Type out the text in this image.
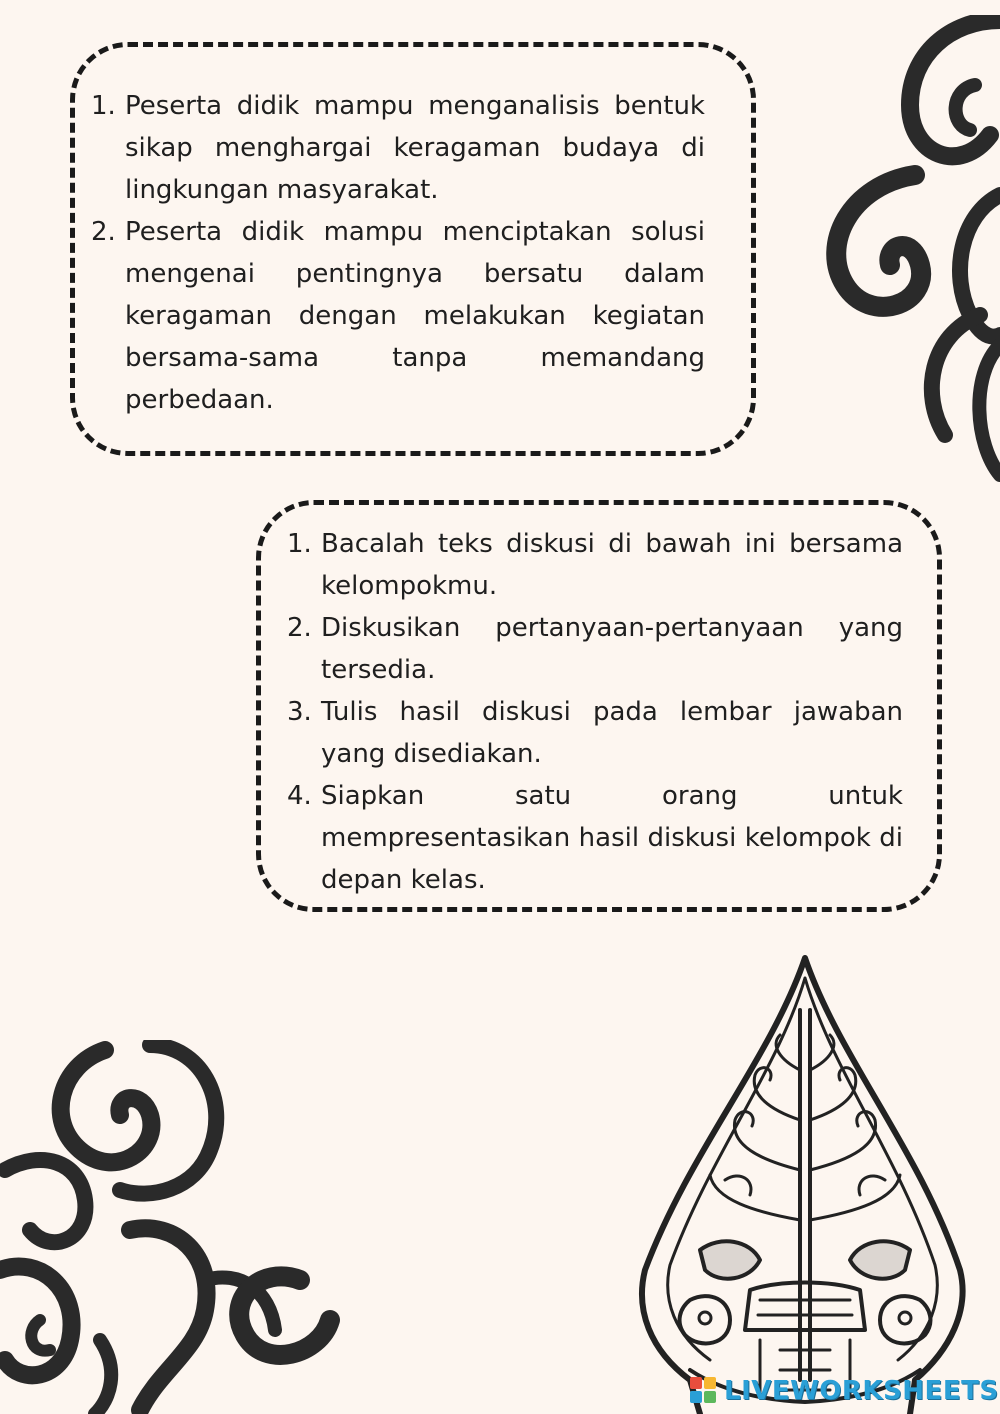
1. Peserta didik mampu menganalisis bentuk sikap menghargai keragaman budaya di lingkungan masyarakat.
2. Peserta didik mampu menciptakan solusi mengenai pentingnya bersatu dalam keragaman dengan melakukan kegiatan bersama-sama tanpa memandang perbedaan.
1. Bacalah teks diskusi di bawah ini bersama kelompokmu.
2. Diskusikan pertanyaan-pertanyaan yang tersedia.
3. Tulis hasil diskusi pada lembar jawaban yang disediakan.
4. Siapkan satu orang untuk mempresentasikan hasil diskusi kelompok di depan kelas.
LIVEWORKSHEETS
